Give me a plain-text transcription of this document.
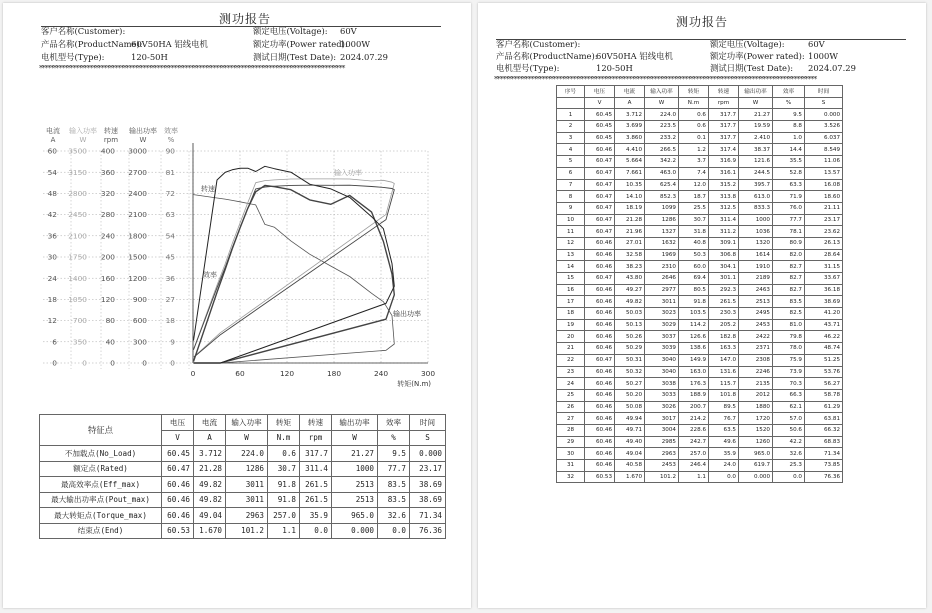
测功报告
客户名称(Customer):
产品名称(ProductName):
60V50HA 铝线电机
电机型号(Type):	120-50H
额定电压(Voltage): 60V
额定功率(Power rated):
1000W
测试日期(Test Date): 2024.07.29
*************************************************************************************************************
电流
A
60
54
48
42
36
30
24
18
12
6
0
输入功率
W
3500
3150
2800
2450
2100
1750
1400
1050
700
350
0
转速
rpm
400
360
320
280
240
200
160
120
80
40
0
输出功率
W
3000
2700
2400
2100
1800
1500
1200
900
600
300
0
效率
%
90
81
72
63
54
45
36
27
18
9
0
0	60	120	180	240	300
转矩(N.m)
转速
输入功率
效率
输出功率
特征点	电压	电流	输入功率	转矩	转速	输出功率	效率	时间
	V	A	W	N.m	rpm	W	%	S
不加载点(No_Load)	60.45	3.712	224.0	0.6	317.7	21.27	9.5	0.000
额定点(Rated)	60.47	21.28	1286	30.7	311.4	1000	77.7	23.17
最高效率点(Eff_max)	60.46	49.82	3011	91.8	261.5	2513	83.5	38.69
最大输出功率点(Pout_max)	60.46	49.82	3011	91.8	261.5	2513	83.5	38.69
最大转矩点(Torque_max)	60.46	49.04	2963	257.0	35.9	965.0	32.6	71.34
结束点(End)	60.53	1.670	101.2	1.1	0.0	0.000	0.0	76.36
测功报告
客户名称(Customer):
产品名称(ProductName):
60V50HA 铝线电机
电机型号(Type):	120-50H
额定电压(Voltage):	60V
额定功率(Power rated): 1000W
测试日期(Test Date): 2024.07.29
*******************************************************************************************************************
序号	电压	电流	输入功率	转矩	转速	输出功率	效率	时间
	V	A	W	N.m	rpm	W	%	S
1	60.45	3.712	224.0	0.6	317.7	21.27	9.5	0.000
2	60.45	3.699	223.5	0.6	317.7	19.59	8.8	3.526
3	60.45	3.860	233.2	0.1	317.7	2.410	1.0	6.037
4	60.46	4.410	266.5	1.2	317.4	38.37	14.4	8.549
5	60.47	5.664	342.2	3.7	316.9	121.6	35.5	11.06
6	60.47	7.661	463.0	7.4	316.1	244.5	52.8	13.57
7	60.47	10.35	625.4	12.0	315.2	395.7	63.3	16.08
8	60.47	14.10	852.3	18.7	313.8	613.0	71.9	18.60
9	60.47	18.19	1099	25.5	312.5	833.3	76.0	21.11
10	60.47	21.28	1286	30.7	311.4	1000	77.7	23.17
11	60.47	21.96	1327	31.8	311.2	1036	78.1	23.62
12	60.46	27.01	1632	40.8	309.1	1320	80.9	26.13
13	60.46	32.58	1969	50.3	306.8	1614	82.0	28.64
14	60.46	38.23	2310	60.0	304.1	1910	82.7	31.15
15	60.47	43.80	2646	69.4	301.1	2189	82.7	33.67
16	60.46	49.27	2977	80.5	292.3	2463	82.7	36.18
17	60.46	49.82	3011	91.8	261.5	2513	83.5	38.69
18	60.46	50.03	3023	103.5	230.3	2495	82.5	41.20
19	60.46	50.13	3029	114.2	205.2	2453	81.0	43.71
20	60.46	50.26	3037	126.6	182.8	2422	79.8	46.22
21	60.46	50.29	3039	138.6	163.3	2371	78.0	48.74
22	60.47	50.31	3040	149.9	147.0	2308	75.9	51.25
23	60.46	50.32	3040	163.0	131.6	2246	73.9	53.76
24	60.46	50.27	3038	176.3	115.7	2135	70.3	56.27
25	60.46	50.20	3033	188.9	101.8	2012	66.3	58.78
26	60.46	50.08	3026	200.7	89.5	1880	62.1	61.29
27	60.46	49.94	3017	214.2	76.7	1720	57.0	63.81
28	60.46	49.71	3004	228.6	63.5	1520	50.6	66.32
29	60.46	49.40	2985	242.7	49.6	1260	42.2	68.83
30	60.46	49.04	2963	257.0	35.9	965.0	32.6	71.34
31	60.46	40.58	2453	246.4	24.0	619.7	25.3	73.85
32	60.53	1.670	101.2	1.1	0.0	0.000	0.0	76.36
